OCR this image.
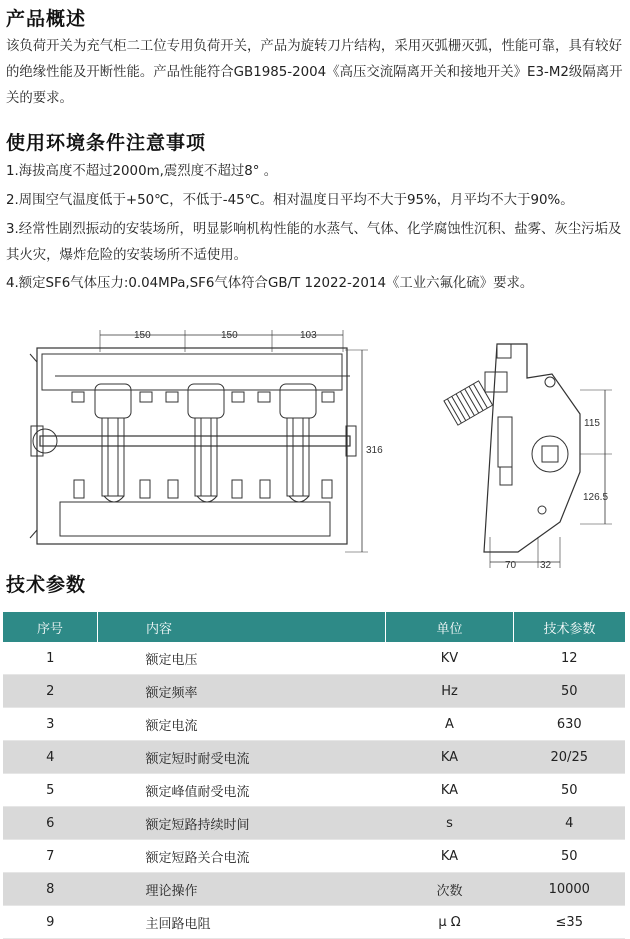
产品概述
该负荷开关为充气柜二工位专用负荷开关，产品为旋转刀片结构，采用灭弧栅灭弧，性能可靠，具有较好的绝缘性能及开断性能。产品性能符合GB1985-2004《高压交流隔离开关和接地开关》E3-M2级隔离开关的要求。
使用环境条件注意事项
1.海拔高度不超过2000m,震烈度不超过8° 。
2.周围空气温度低于+50℃，不低于-45℃。相对温度日平均不大于95%，月平均不大于90%。
3.经常性剧烈振动的安装场所，明显影响机构性能的水蒸气、气体、化学腐蚀性沉积、盐雾、灰尘污垢及其火灾，爆炸危险的安装场所不适使用。
4.额定SF6气体压力:0.04MPa,SF6气体符合GB/T 12022-2014《工业六氟化硫》要求。
150	150	103
316
115
126.5
70 32
技术参数
序号	内容	单位	技术参数
1	额定电压	KV	12
2	额定频率	Hz	50
3	额定电流	A	630
4	额定短时耐受电流	KA	20/25
5	额定峰值耐受电流	KA	50
6	额定短路持续时间	s	4
7	额定短路关合电流	KA	50
8	理论操作	次数	10000
9	主回路电阻	μ Ω	≤35
